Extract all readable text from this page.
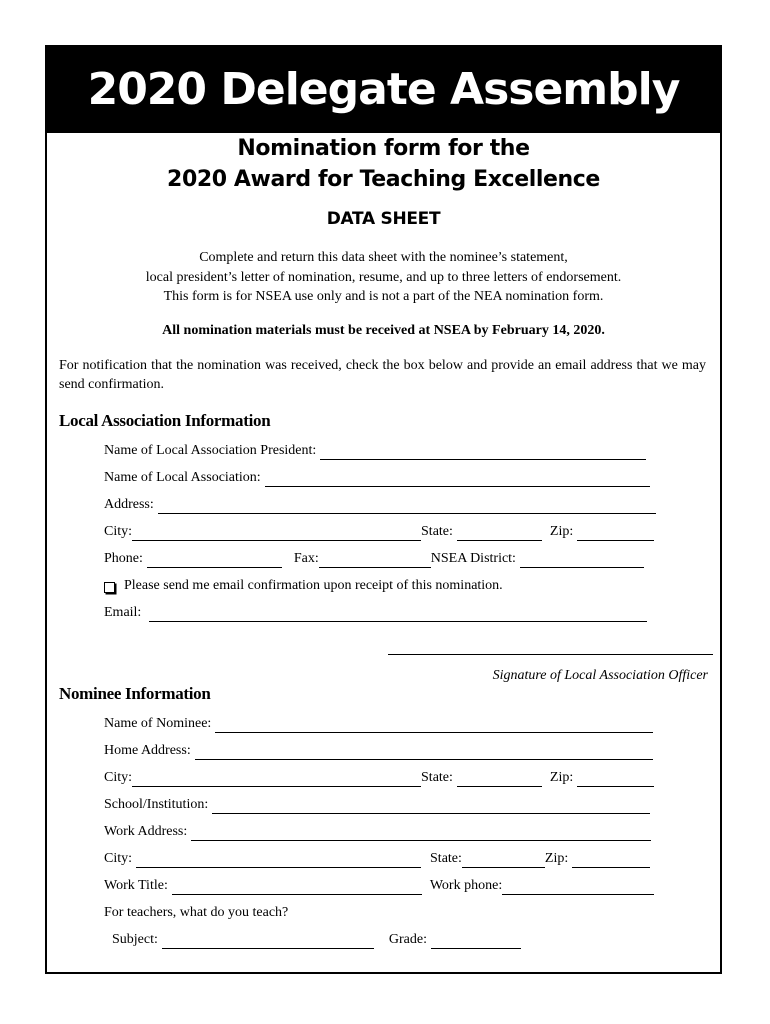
2020 Delegate Assembly
Nomination form for the
2020 Award for Teaching Excellence
DATA SHEET
Complete and return this data sheet with the nominee’s statement,
local president’s letter of nomination, resume, and up to three letters of endorsement.
This form is for NSEA use only and is not a part of the NEA nomination form.
All nomination materials must be received at NSEA by February 14, 2020.
For notification that the nomination was received, check the box below and provide an email address that we may send confirmation.
Local Association Information
Name of Local Association President:
Name of Local Association:
Address:
City:	State:	Zip:
Phone:	Fax:	NSEA District:
Please send me email confirmation upon receipt of this nomination.
Email:
Signature of Local Association Officer
Nominee Information
Name of Nominee:
Home Address:
City:	State:	Zip:
School/Institution:
Work Address:
City:	State:	Zip:
Work Title:	Work phone:
For teachers, what do you teach?
Subject:	Grade:
